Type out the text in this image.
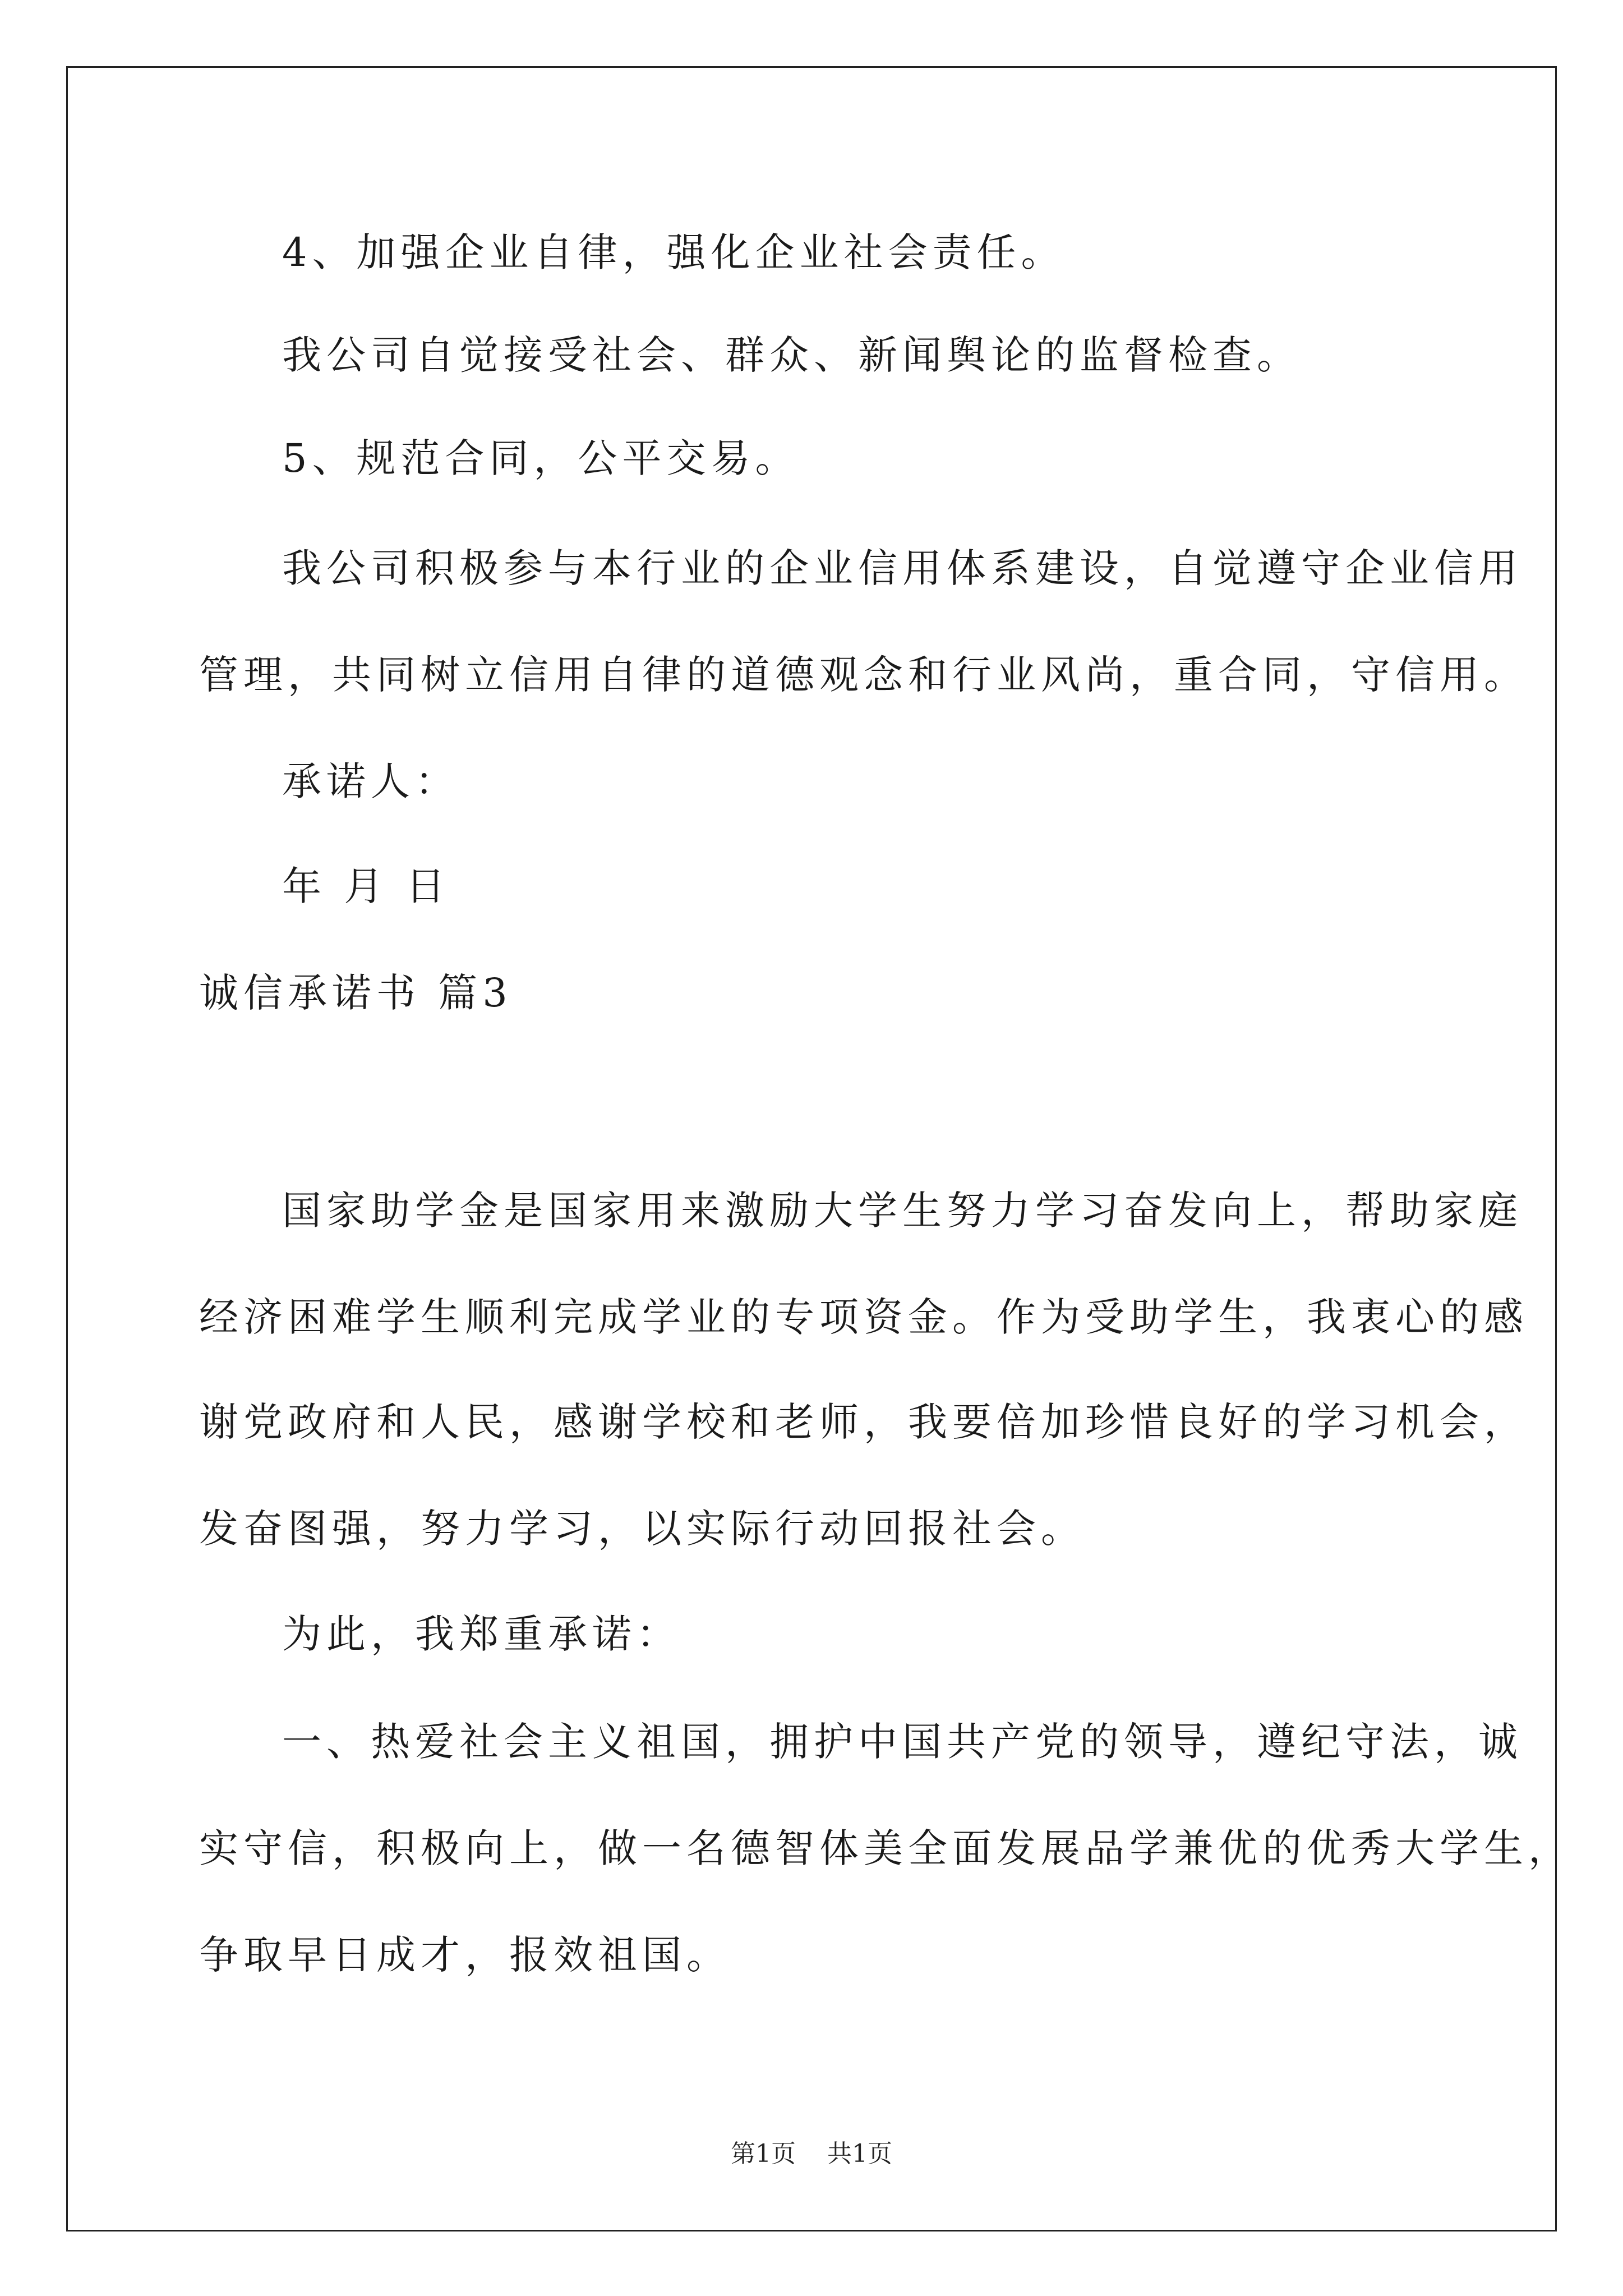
4、加强企业自律，强化企业社会责任。
我公司自觉接受社会、群众、新闻舆论的监督检查。
5、规范合同，公平交易。
我公司积极参与本行业的企业信用体系建设，自觉遵守企业信用
管理，共同树立信用自律的道德观念和行业风尚，重合同，守信用。
承诺人：
年 月 日
诚信承诺书 篇3
国家助学金是国家用来激励大学生努力学习奋发向上，帮助家庭
经济困难学生顺利完成学业的专项资金。作为受助学生，我衷心的感
谢党政府和人民，感谢学校和老师，我要倍加珍惜良好的学习机会，
发奋图强，努力学习，以实际行动回报社会。
为此，我郑重承诺：
一、热爱社会主义祖国，拥护中国共产党的领导，遵纪守法，诚
实守信，积极向上，做一名德智体美全面发展品学兼优的优秀大学生，
争取早日成才，报效祖国。
第1页    共1页
